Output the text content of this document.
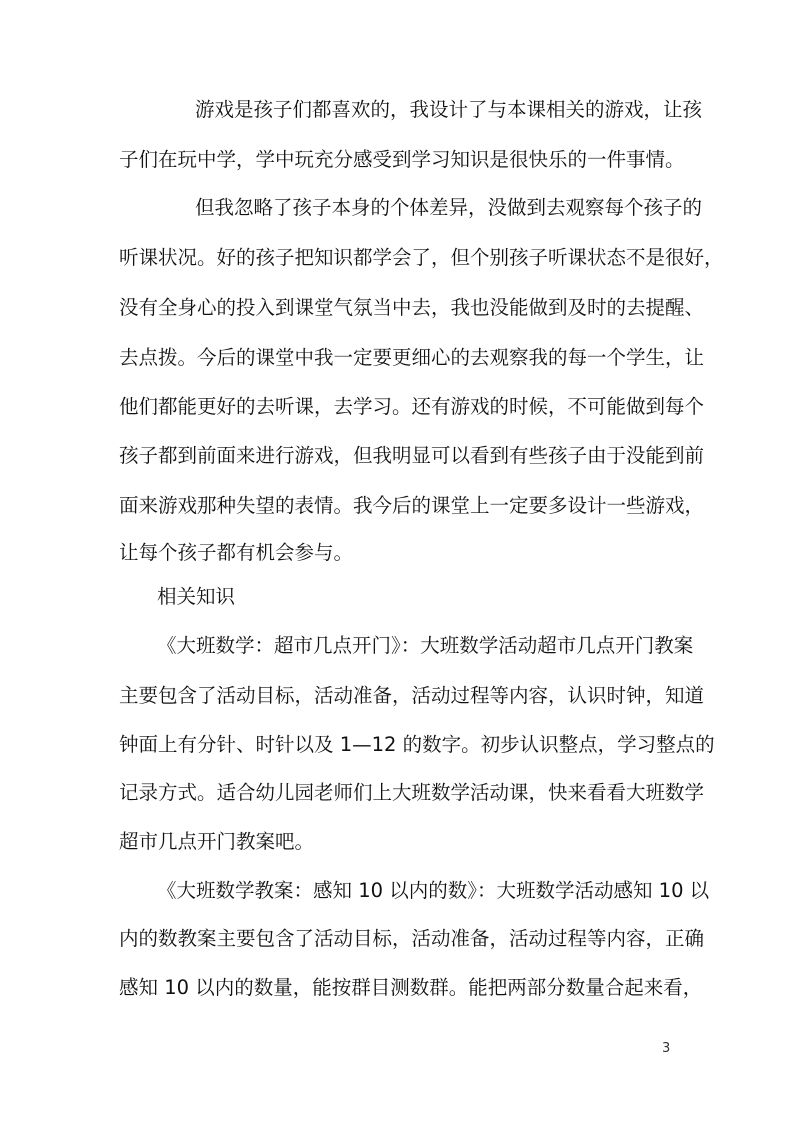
游戏是孩子们都喜欢的，我设计了与本课相关的游戏，让孩
子们在玩中学，学中玩充分感受到学习知识是很快乐的一件事情。
但我忽略了孩子本身的个体差异，没做到去观察每个孩子的
听课状况。好的孩子把知识都学会了，但个别孩子听课状态不是很好，
没有全身心的投入到课堂气氛当中去，我也没能做到及时的去提醒、
去点拨。今后的课堂中我一定要更细心的去观察我的每一个学生，让
他们都能更好的去听课，去学习。还有游戏的时候，不可能做到每个
孩子都到前面来进行游戏，但我明显可以看到有些孩子由于没能到前
面来游戏那种失望的表情。我今后的课堂上一定要多设计一些游戏，
让每个孩子都有机会参与。
相关知识
《大班数学：超市几点开门》：大班数学活动超市几点开门教案
主要包含了活动目标，活动准备，活动过程等内容，认识时钟，知道
钟面上有分针、时针以及 1—12 的数字。初步认识整点，学习整点的
记录方式。适合幼儿园老师们上大班数学活动课，快来看看大班数学
超市几点开门教案吧。
《大班数学教案：感知 10 以内的数》：大班数学活动感知 10 以
内的数教案主要包含了活动目标，活动准备，活动过程等内容，正确
感知 10 以内的数量，能按群目测数群。能把两部分数量合起来看，
3
